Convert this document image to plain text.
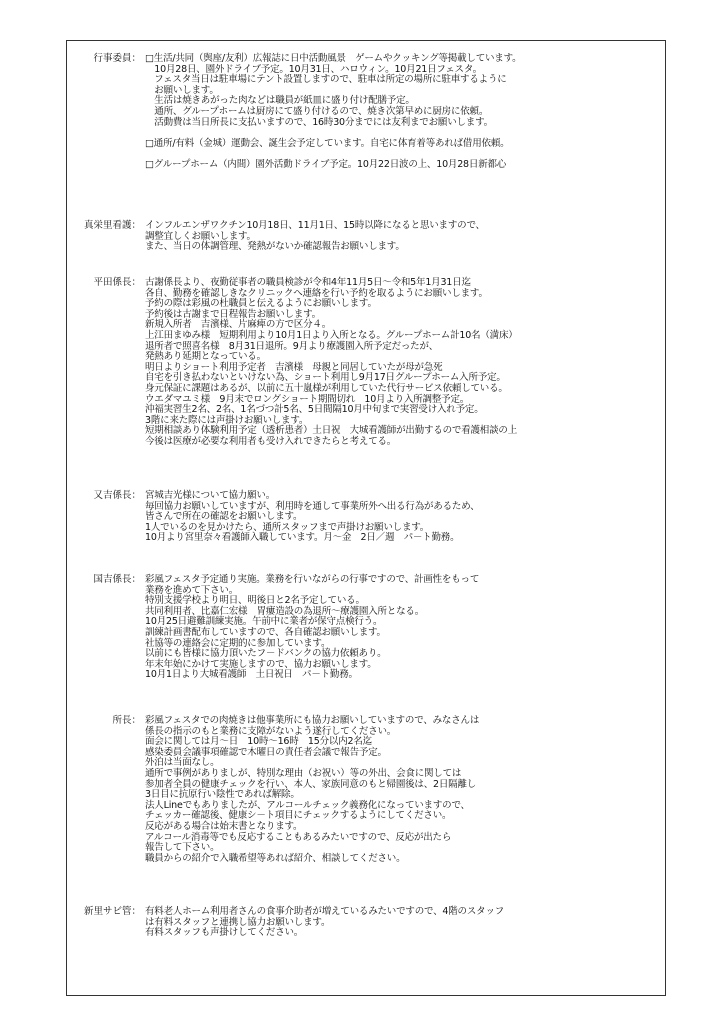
行事委員： □生活/共同（舆座/友利）広報誌に日中活動風景　ゲームやクッキング等掲載しています。
　10月28日、園外ドライブ予定。10月31日、ハロウィン。10月21日フェスタ。
　フェスタ当日は駐車場にテント設置しますので、駐車は所定の場所に駐車するように
　お願いします。
　生活は焼きあがった肉などは職員が紙皿に盛り付け配膳予定。
　通所、グループホームは厨房にて盛り付けるので、焼き次第早めに厨房に依頼。
　活動費は当日所長に支払いますので、16時30分までには友利までお願いします。
□通所/有料（金城）運動会、誕生会予定しています。自宅に体育着等あれば借用依頼。
□グループホーム（内間）園外活動ドライブ予定。10月22日波の上、10月28日新都心
真栄里看護： インフルエンザワクチン10月18日、11月1日、15時以降になると思いますので、
調整宜しくお願いします。
また、当日の体調管理、発熱がないか確認報告お願いします。
平田係長： 古謝係長より、夜勤従事者の職員検診が令和4年11月5日～令和5年1月31日迄
各自、勤務を確認しきなクリニックへ連絡を行い予約を取るようにお願いします。
予約の際は彩風の杜職員と伝えるようにお願いします。
予約後は古謝まで日程報告お願いします。
新規入所者　吉濱様、片麻痺の方で区分４。
上江田まゆみ様　短期利用より10月1日より入所となる。グループホーム計10名（満床）
退所者で照喜名様　8月31日退所。9月より療護園入所予定だったが、
発熱あり延期となっている。
明日よりショート利用予定者　吉濱様　母親と同居していたが母が急死
自宅を引き払わないといけない為、ショート利用し9月17日グループホーム入所予定。
身元保証に課題はあるが、以前に五十嵐様が利用していた代行サービス依頼している。
ウエダマユミ様　9月末でロングショート期間切れ　10月より入所調整予定。
沖福実習生2名、2名、1名づつ計5名、5日間隔10月中旬まで実習受け入れ予定。
3階に来た際には声掛けお願いします。
短期相談あり体験利用予定（透析患者）土日祝　大城看護師が出勤するので看護相談の上
今後は医療が必要な利用者も受け入れできたらと考えてる。
又吉係長： 宮城吉光様について協力願い。
毎回協力お願いしていますが、利用時を通して事業所外へ出る行為があるため、
皆さんで所在の確認をお願いします。
1人でいるのを見かけたら、通所スタッフまで声掛けお願いします。
10月より宮里奈々看護師入職しています。月～金　2日／週　パ－ト勤務。
国吉係長： 彩風フェスタ予定通り実施。業務を行いながらの行事ですので、計画性をもって
業務を進めて下さい。
特別支援学校より明日、明後日と2名予定している。
共同利用者、比嘉仁宏様　胃瘻造設の為退所～療護園入所となる。
10月25日避難訓練実施。午前中に業者が保守点検行う。
訓練計画書配布していますので、各自確認お願いします。
社協等の連絡会に定期的に参加しています。
以前にも皆様に協力頂いたフ－ドバンクの協力依頼あり。
年末年始にかけて実施しますので、協力お願いします。
10月1日より大城看護師　土日祝日　パ－ト勤務。
所長： 彩風フェスタでの肉焼きは他事業所にも協力お願いしていますので、みなさんは
係長の指示のもと業務に支障がないよう遂行してください。
面会に関しては月～日　10時～16時　15分以内2名迄
感染委員会議事項確認で木曜日の責任者会議で報告予定。
外泊は当面なし。
通所で事例がありましが、特別な理由（お祝い）等の外出、会食に関しては
参加者全員の健康チェックを行い、本人、家族同意のもと帰園後は、2日隔離し
3日目に抗原行い陰性であれば解除。
法人Lineでもありましたが、アルコールチェック義務化になっていますので、
チェッカー確認後、健康シ－ト項目にチェックするようにしてください。
反応がある場合は始末書となります。
アルコール消毒等でも反応することもあるみたいですので、反応が出たら
報告して下さい。
職員からの紹介で入職希望等あれば紹介、相談してください。
新里サビ管： 有料老人ホーム利用者さんの食事介助者が増えているみたいですので、4階のスタッフ
は有料スタッフと連携し協力お願いします。
有料スタッフも声掛けしてください。
